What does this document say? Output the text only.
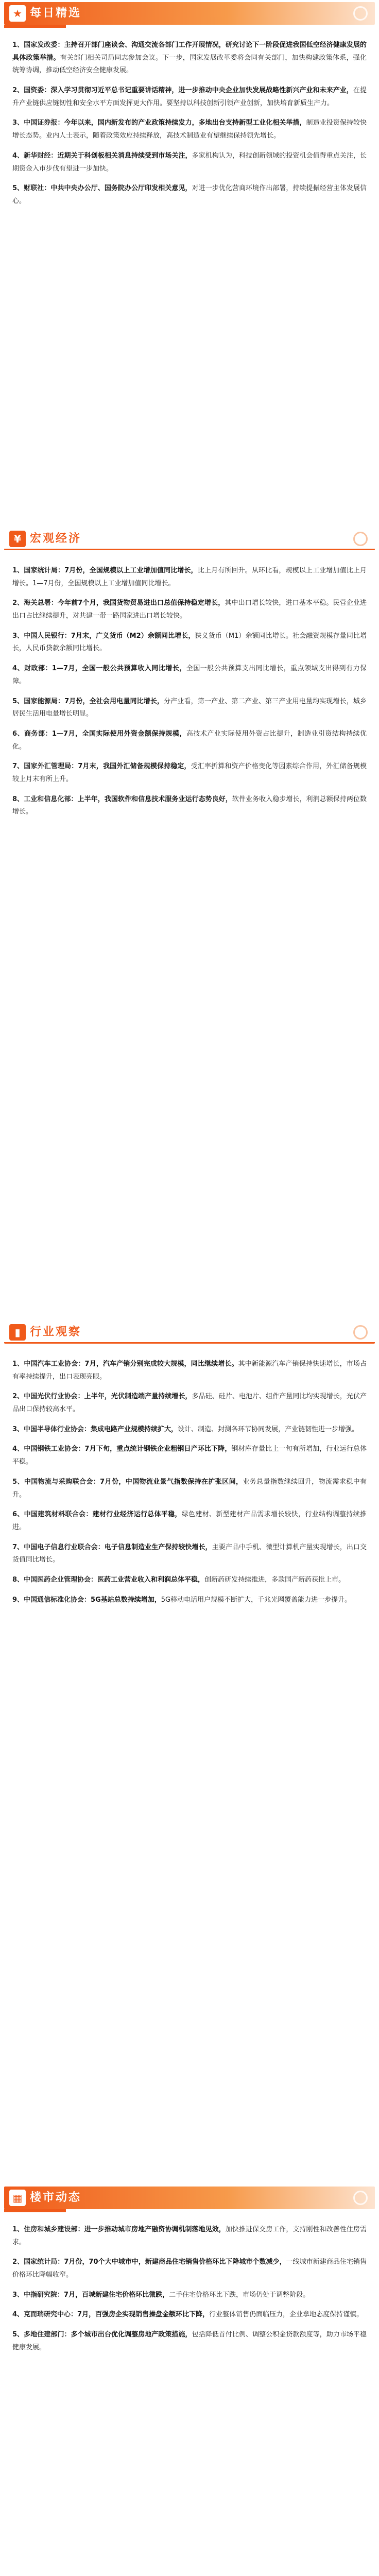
★ 每日精选

1、国家发改委：主持召开部门座谈会、沟通交流各部门工作开展情况，研究讨论下一阶段促进我国低空经济健康发展的具体政策举措。有关部门相关司局同志参加会议。下一步，国家发展改革委将会同有关部门，加快构建政策体系，强化统筹协调，推动低空经济安全健康发展。

2、国资委：深入学习贯彻习近平总书记重要讲话精神，进一步推动中央企业加快发展战略性新兴产业和未来产业，在提升产业链供应链韧性和安全水平方面发挥更大作用。要坚持以科技创新引领产业创新，加快培育新质生产力。

3、中国证券报：今年以来，国内新发布的产业政策持续发力，多地出台支持新型工业化相关举措，制造业投资保持较快增长态势。业内人士表示，随着政策效应持续释放，高技术制造业有望继续保持领先增长。

4、新华财经：近期关于科创板相关消息持续受到市场关注，多家机构认为，科技创新领域的投资机会值得重点关注，长期资金入市步伐有望进一步加快。

5、财联社：中共中央办公厅、国务院办公厅印发相关意见，对进一步优化营商环境作出部署，持续提振经营主体发展信心。

¥ 宏观经济

1、国家统计局：7月份，全国规模以上工业增加值同比增长，比上月有所回升。从环比看，规模以上工业增加值比上月增长。1—7月份，全国规模以上工业增加值同比增长。

2、海关总署：今年前7个月，我国货物贸易进出口总值保持稳定增长，其中出口增长较快，进口基本平稳。民营企业进出口占比继续提升，对共建一带一路国家进出口增长较快。

3、中国人民银行：7月末，广义货币（M2）余额同比增长，狭义货币（M1）余额同比增长。社会融资规模存量同比增长，人民币贷款余额同比增长。

4、财政部：1—7月，全国一般公共预算收入同比增长，全国一般公共预算支出同比增长，重点领域支出得到有力保障。

5、国家能源局：7月份，全社会用电量同比增长，分产业看，第一产业、第二产业、第三产业用电量均实现增长，城乡居民生活用电量增长明显。

6、商务部：1—7月，全国实际使用外资金额保持规模，高技术产业实际使用外资占比提升，制造业引资结构持续优化。

7、国家外汇管理局：7月末，我国外汇储备规模保持稳定，受汇率折算和资产价格变化等因素综合作用，外汇储备规模较上月末有所上升。

8、工业和信息化部：上半年，我国软件和信息技术服务业运行态势良好，软件业务收入稳步增长，利润总额保持两位数增长。

▮ 行业观察

1、中国汽车工业协会：7月，汽车产销分别完成较大规模，同比继续增长。其中新能源汽车产销保持快速增长，市场占有率持续提升，出口表现亮眼。

2、中国光伏行业协会：上半年，光伏制造端产量持续增长，多晶硅、硅片、电池片、组件产量同比均实现增长，光伏产品出口保持较高水平。

3、中国半导体行业协会：集成电路产业规模持续扩大，设计、制造、封测各环节协同发展，产业链韧性进一步增强。

4、中国钢铁工业协会：7月下旬，重点统计钢铁企业粗钢日产环比下降，钢材库存量比上一旬有所增加，行业运行总体平稳。

5、中国物流与采购联合会：7月份，中国物流业景气指数保持在扩张区间，业务总量指数继续回升，物流需求稳中有升。

6、中国建筑材料联合会：建材行业经济运行总体平稳，绿色建材、新型建材产品需求增长较快，行业结构调整持续推进。

7、中国电子信息行业联合会：电子信息制造业生产保持较快增长，主要产品中手机、微型计算机产量实现增长，出口交货值同比增长。

8、中国医药企业管理协会：医药工业营业收入和利润总体平稳，创新药研发持续推进，多款国产新药获批上市。

9、中国通信标准化协会：5G基站总数持续增加，5G移动电话用户规模不断扩大，千兆光网覆盖能力进一步提升。

▦ 楼市动态

1、住房和城乡建设部：进一步推动城市房地产融资协调机制落地见效，加快推进保交房工作，支持刚性和改善性住房需求。

2、国家统计局：7月份，70个大中城市中，新建商品住宅销售价格环比下降城市个数减少，一线城市新建商品住宅销售价格环比降幅收窄。

3、中指研究院：7月，百城新建住宅价格环比微跌，二手住宅价格环比下跌，市场仍处于调整阶段。

4、克而瑞研究中心：7月，百强房企实现销售操盘金额环比下降，行业整体销售仍面临压力，企业拿地态度保持谨慎。

5、多地住建部门：多个城市出台优化调整房地产政策措施，包括降低首付比例、调整公积金贷款额度等，助力市场平稳健康发展。
